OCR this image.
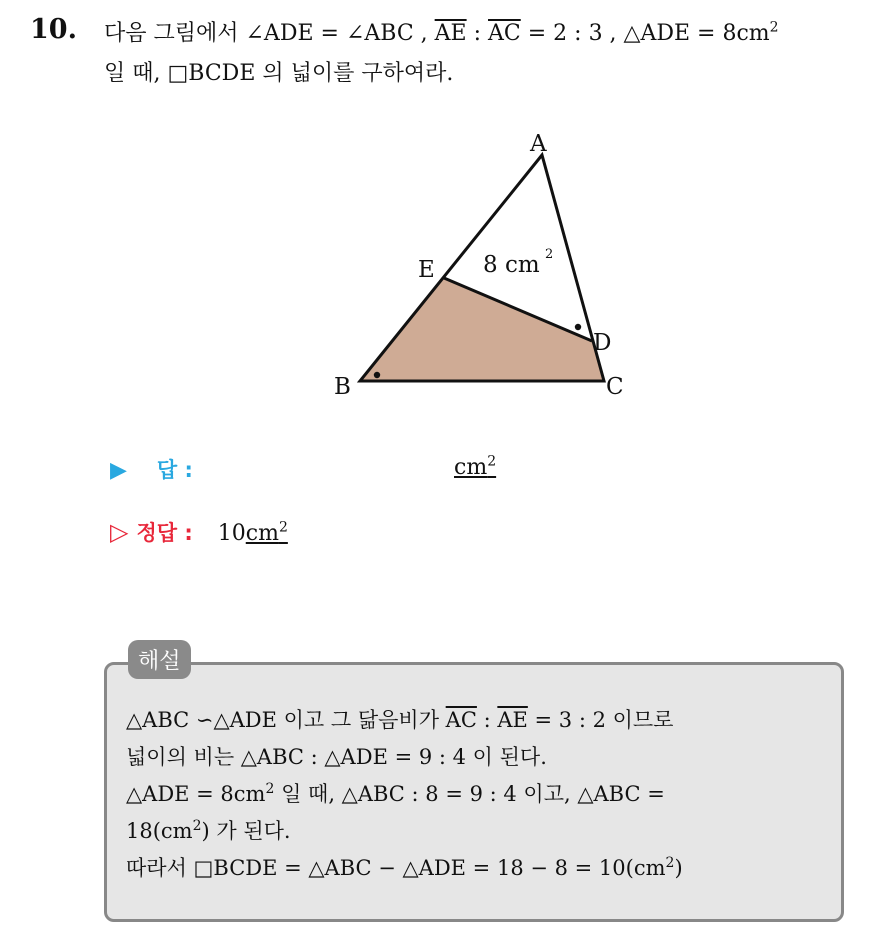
10. 다음 그림에서 ∠ADE = ∠ABC , $\overline{AE}$ : $\overline{AC} = 2$ : 3 , △ADE = $8cm^2$
일 때, □BCDE 의 넓이를 구하여라.
A
B	C
D
E 8 cm 2
▶ 답 :	$cm^2$
▷ 정답 : $10cm^2$
해설
△ABC ∽△ADE 이고 그 닮음비가 $\overline{AC}$ : $\overline{AE} = 3$ : 2 이므로
넓이의 비는 △ABC : △ADE = 9 : 4 이 된다.
△ADE = $8cm^2$ 일 때, △ABC : 8 = 9 : 4 이고, △ABC =
$18(cm^2)$ 가 된다.
따라서 □BCDE = △ABC − △ADE = $18 - 8 = 10(cm^2)$
